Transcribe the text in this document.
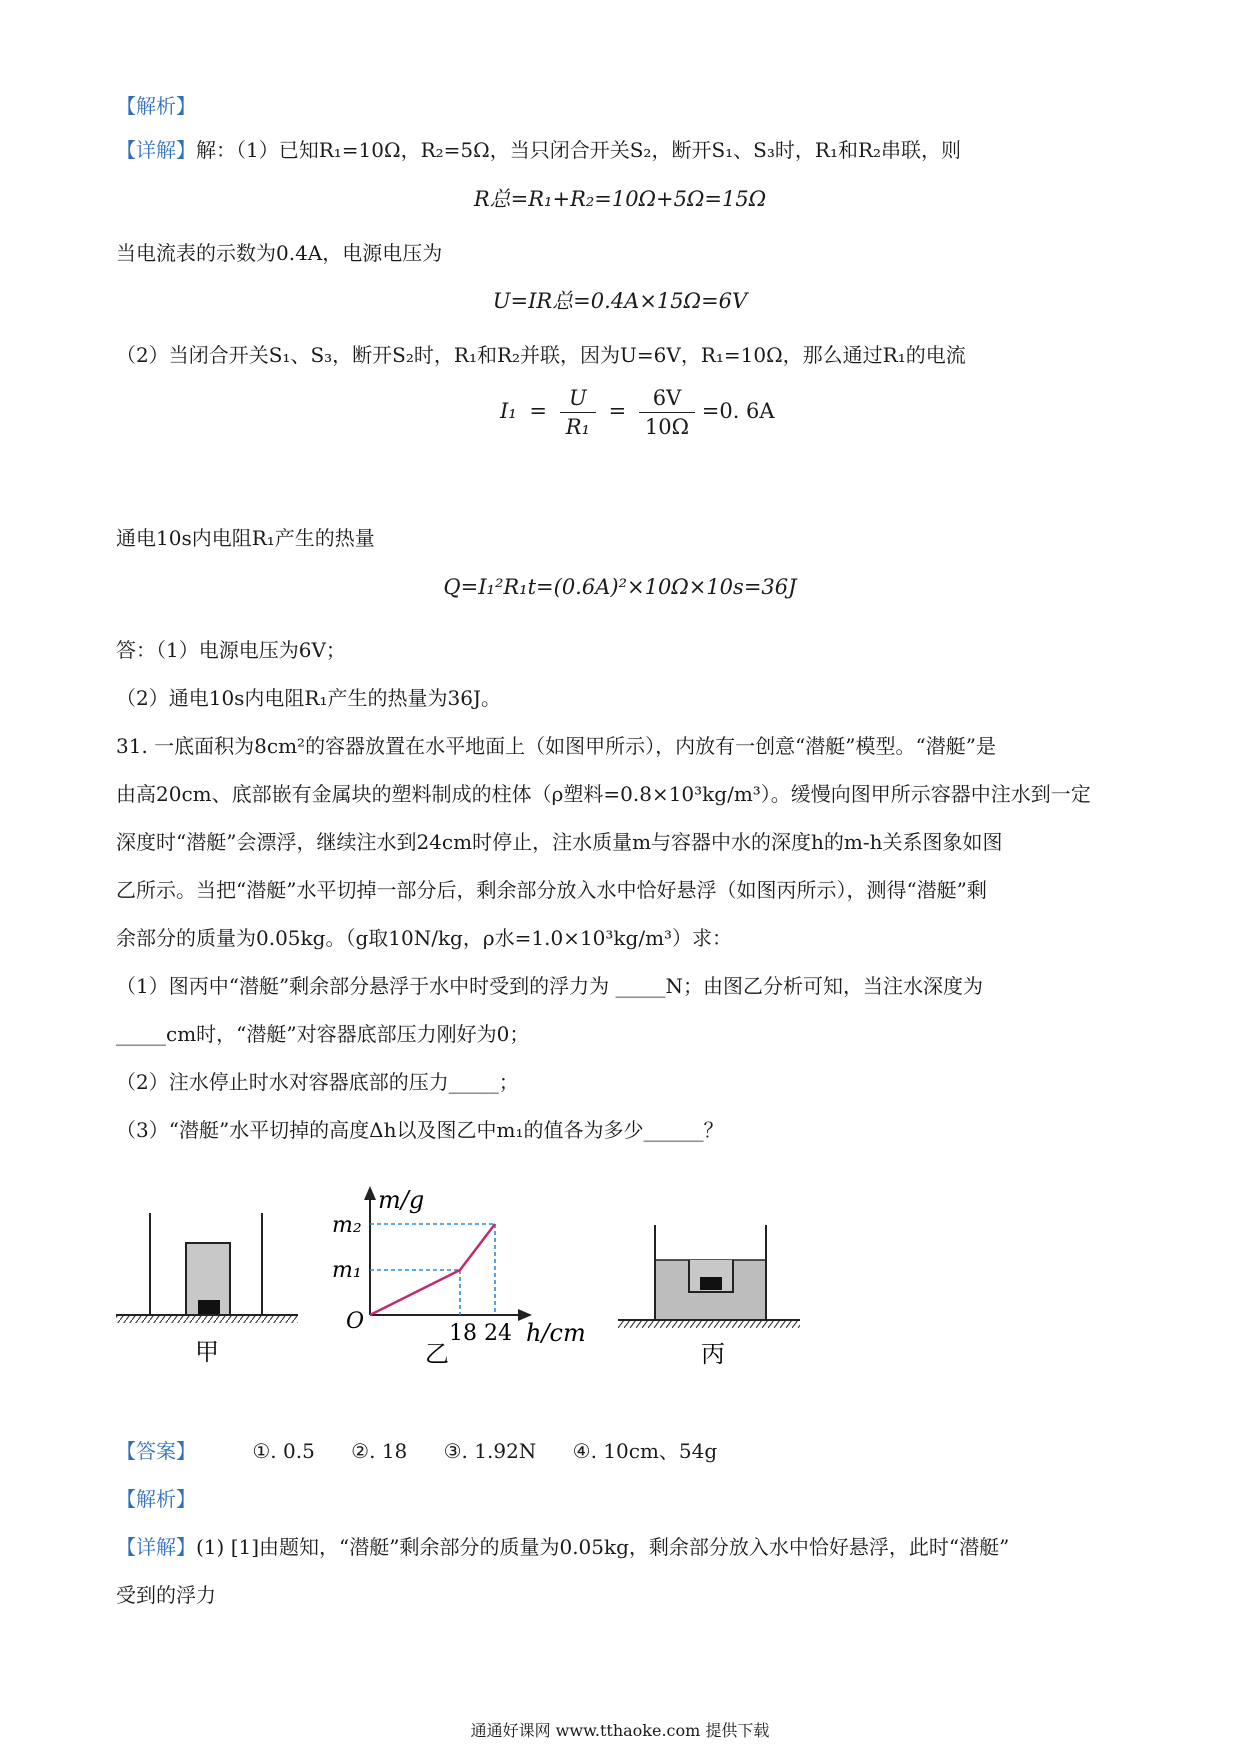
【解析】
【详解】解：（1）已知R₁=10Ω，R₂=5Ω，当只闭合开关S₂，断开S₁、S₃时，R₁和R₂串联，则
R总=R₁+R₂=10Ω+5Ω=15Ω
当电流表的示数为0.4A，电源电压为
U=IR总=0.4A×15Ω=6V
（2）当闭合开关S₁、S₃，断开S₂时，R₁和R₂并联，因为U=6V，R₁=10Ω，那么通过R₁的电流
$I_1 = \frac{U}{\text{R₁}} = \frac{6V}{10\Omega} =0$. 6A
通电10s内电阻R₁产生的热量
Q=I₁²R₁t=(0.6A)²×10Ω×10s=36J
答：（1）电源电压为6V；
（2）通电10s内电阻R₁产生的热量为36J。
31. 一底面积为8cm²的容器放置在水平地面上（如图甲所示），内放有一创意“潜艇”模型。“潜艇”是
由高20cm、底部嵌有金属块的塑料制成的柱体（ρ塑料=0.8×10³kg/m³）。缓慢向图甲所示容器中注水到一定
深度时“潜艇”会漂浮，继续注水到24cm时停止，注水质量m与容器中水的深度h的m-h关系图象如图
乙所示。当把“潜艇”水平切掉一部分后，剩余部分放入水中恰好悬浮（如图丙所示），测得“潜艇”剩
余部分的质量为0.05kg。（g取10N/kg，ρ水=1.0×10³kg/m³）求：
（1）图丙中“潜艇”剩余部分悬浮于水中时受到的浮力为 _____N；由图乙分析可知，当注水深度为
_____cm时，“潜艇”对容器底部压力刚好为0；
（2）注水停止时水对容器底部的压力_____；
（3）“潜艇”水平切掉的高度Δh以及图乙中m₁的值各为多少______？
甲
m/g
m₂
m₁
O	18 24 h/cm
乙	丙
【答案】	①. 0.5 ②. 18 ③. 1.92N ④. 10cm、54g
【解析】
【详解】(1) [1]由题知，“潜艇”剩余部分的质量为0.05kg，剩余部分放入水中恰好悬浮，此时“潜艇”
受到的浮力
通通好课网 www.tthaoke.com 提供下载
